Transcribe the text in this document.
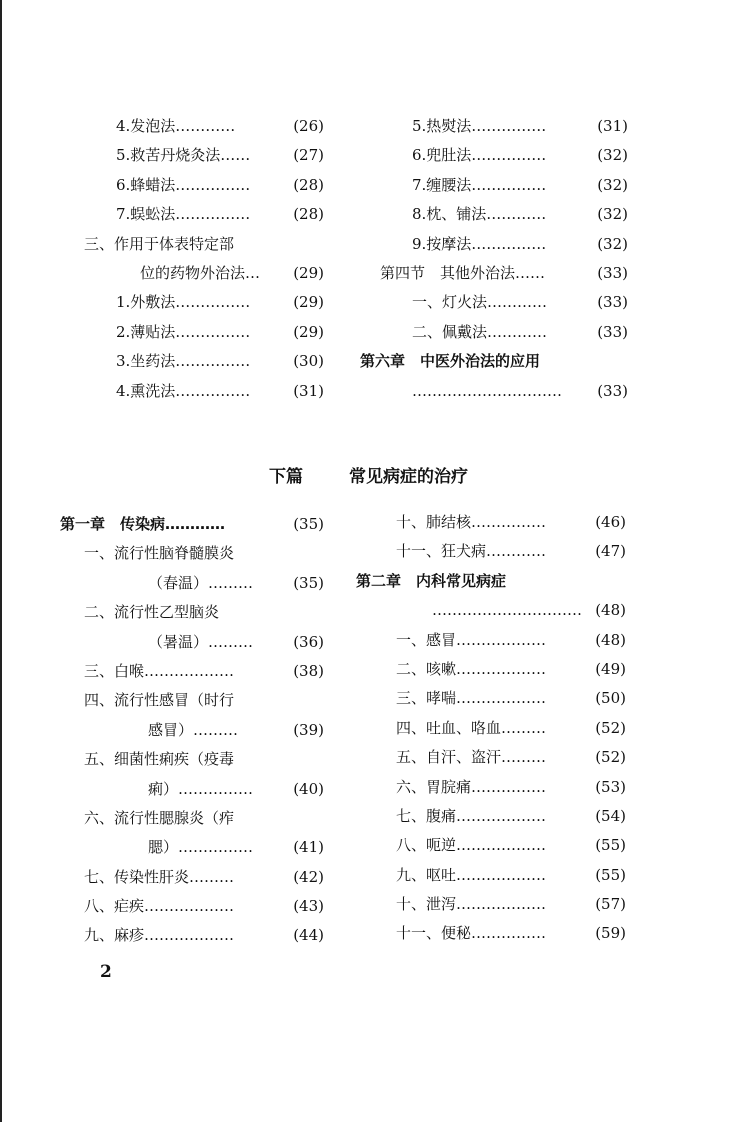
4.发泡法…………	(26)
5.救苦丹烧灸法……	(27)
6.蜂蜡法……………	(28)
7.蜈蚣法……………	(28)
三、作用于体表特定部
位的药物外治法… (29)
1.外敷法……………	(29)
2.薄贴法……………	(29)
3.坐药法……………	(30)
4.熏洗法……………	(31)
5.热熨法……………	(31)
6.兜肚法……………	(32)
7.缠腰法……………	(32)
8.枕、铺法…………	(32)
9.按摩法……………	(32)
第四节　其他外治法……	(33)
一、灯火法…………	(33)
二、佩戴法…………	(33)
第六章　中医外治法的应用
………………………… (33)
下篇	常见病症的治疗
第一章　传染病…………	(35)
一、流行性脑脊髓膜炎
（春温）………	(35)
二、流行性乙型脑炎
（暑温）………	(36)
三、白喉………………	(38)
四、流行性感冒（时行
感冒）………	(39)
五、细菌性痢疾（疫毒
痢）……………	(40)
六、流行性腮腺炎（痄
腮）……………	(41)
七、传染性肝炎………	(42)
八、疟疾………………	(43)
九、麻疹………………	(44)
十、肺结核……………	(46)
十一、狂犬病…………	(47)
第二章　内科常见病症
………………………… (48)
一、感冒………………	(48)
二、咳嗽………………	(49)
三、哮喘………………	(50)
四、吐血、咯血………	(52)
五、自汗、盗汗………	(52)
六、胃脘痛……………	(53)
七、腹痛………………	(54)
八、呃逆………………	(55)
九、呕吐………………	(55)
十、泄泻………………	(57)
十一、便秘……………	(59)
2
